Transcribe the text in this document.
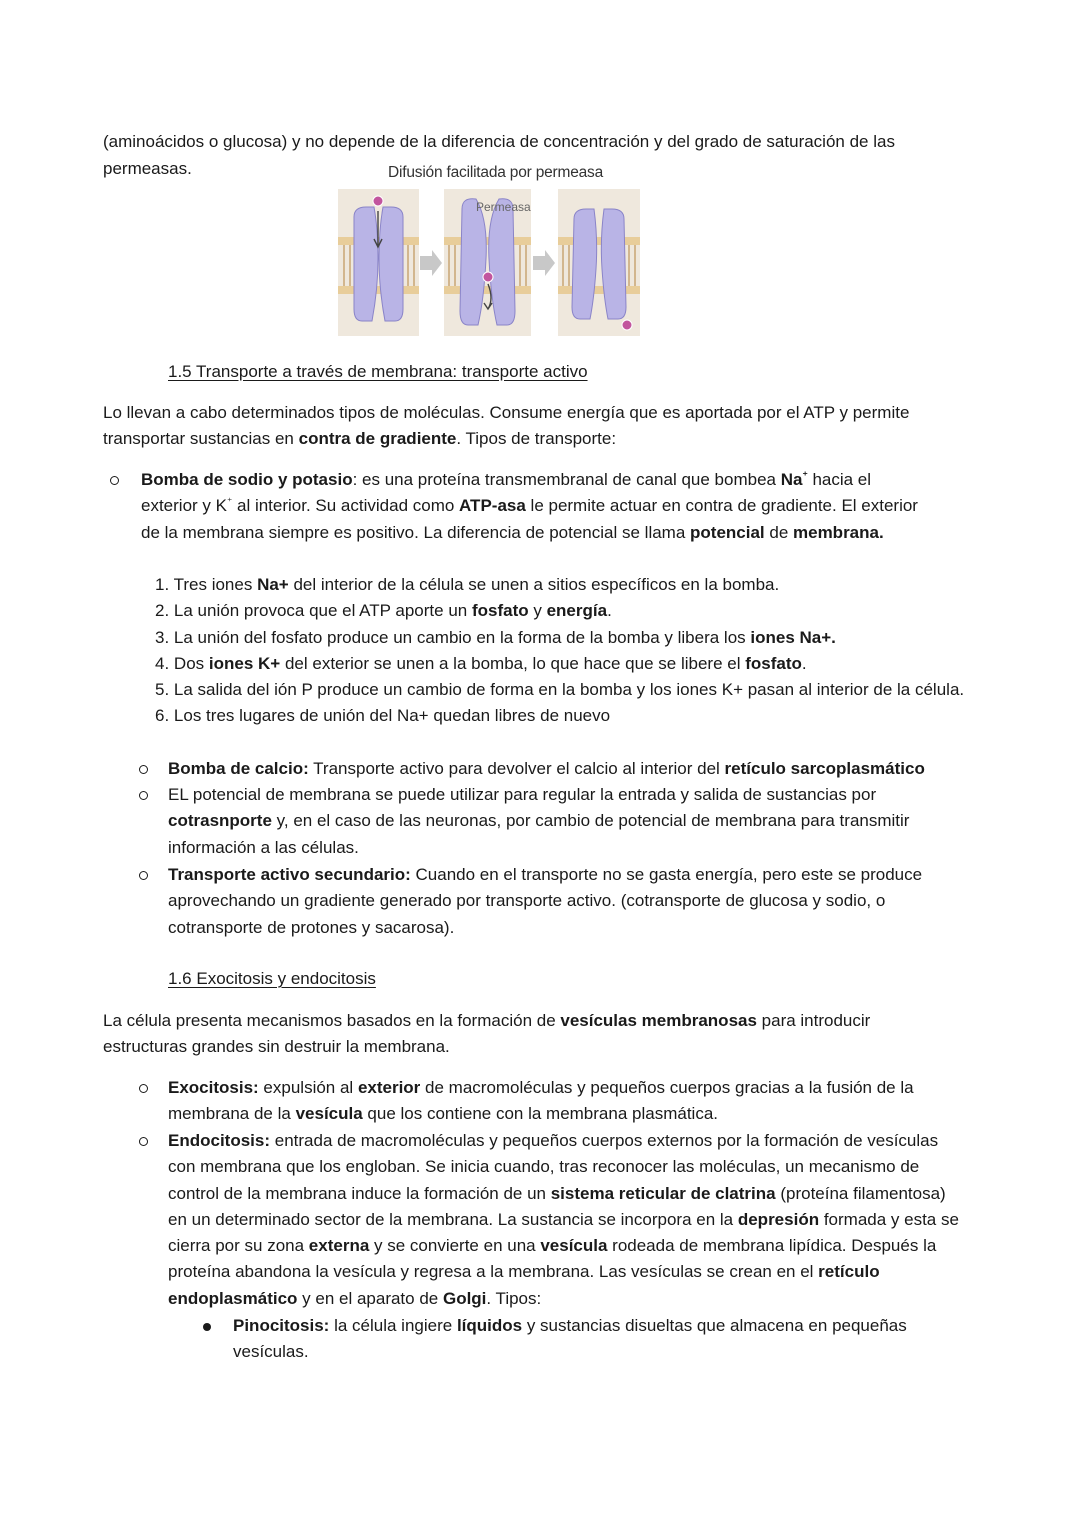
(aminoácidos o glucosa) y no depende de la diferencia de concentración y del grado de saturación de las

permeasas.	Difusión facilitada por permeasa
Permeasa

1.5 Transporte a través de membrana: transporte activo

Lo llevan a cabo determinados tipos de moléculas. Consume energía que es aportada por el ATP y permite transportar sustancias en contra de gradiente. Tipos de transporte:

Bomba de sodio y potasio: es una proteína transmembranal de canal que bombea Na⁺ hacia el exterior y K⁺ al interior. Su actividad como ATP-asa le permite actuar en contra de gradiente. El exterior de la membrana siempre es positivo. La diferencia de potencial se llama potencial de membrana.

1. Tres iones Na+ del interior de la célula se unen a sitios específicos en la bomba.

2. La unión provoca que el ATP aporte un fosfato y energía.

3. La unión del fosfato produce un cambio en la forma de la bomba y libera los iones Na+.

4. Dos iones K+ del exterior se unen a la bomba, lo que hace que se libere el fosfato.

5. La salida del ión P produce un cambio de forma en la bomba y los iones K+ pasan al interior de la célula.

6. Los tres lugares de unión del Na+ quedan libres de nuevo

Bomba de calcio: Transporte activo para devolver el calcio al interior del retículo sarcoplasmático

EL potencial de membrana se puede utilizar para regular la entrada y salida de sustancias por cotrasnporte y, en el caso de las neuronas, por cambio de potencial de membrana para transmitir información a las células.

Transporte activo secundario: Cuando en el transporte no se gasta energía, pero este se produce aprovechando un gradiente generado por transporte activo. (cotransporte de glucosa y sodio, o cotransporte de protones y sacarosa).

1.6 Exocitosis y endocitosis

La célula presenta mecanismos basados en la formación de vesículas membranosas para introducir estructuras grandes sin destruir la membrana.

Exocitosis: expulsión al exterior de macromoléculas y pequeños cuerpos gracias a la fusión de la membrana de la vesícula que los contiene con la membrana plasmática.

Endocitosis: entrada de macromoléculas y pequeños cuerpos externos por la formación de vesículas con membrana que los engloban. Se inicia cuando, tras reconocer las moléculas, un mecanismo de control de la membrana induce la formación de un sistema reticular de clatrina (proteína filamentosa) en un determinado sector de la membrana. La sustancia se incorpora en la depresión formada y esta se cierra por su zona externa y se convierte en una vesícula rodeada de membrana lipídica. Después la proteína abandona la vesícula y regresa a la membrana. Las vesículas se crean en el retículo endoplasmático y en el aparato de Golgi. Tipos:

Pinocitosis: la célula ingiere líquidos y sustancias disueltas que almacena en pequeñas vesículas.
